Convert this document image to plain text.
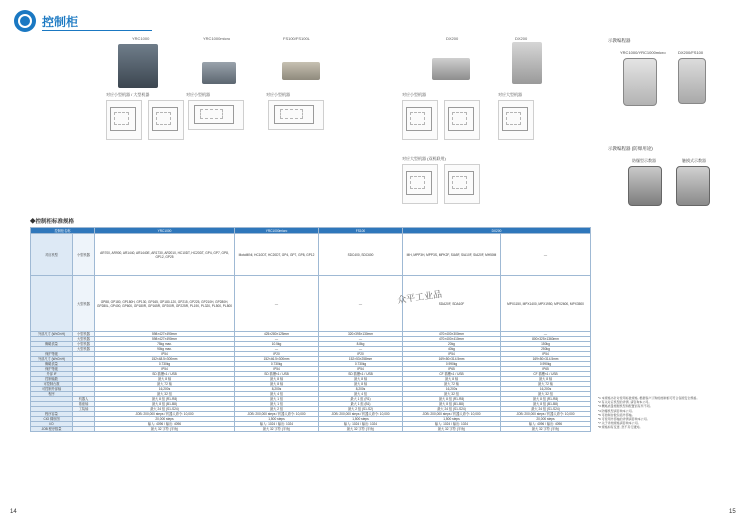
控制柜
YRC1000	YRC1000micro	FS100/FS100L	DX200	DX200
对应小型机器 / 大型机器	对应小型机器	对应小型机器	对应小型机器	对应大型机器
对应大型机器 (双机联用)
示教编程器
YRC1000/YRC1000micro	DX200/FS100
示教编程器 (防爆用途)
防爆型示教器	触摸式示教器
◆控制柜标准规格
控制柜名称		YRC1000	YRC1000micro	FS100	DX200	
对应机型	小型机器	AR700, AR900, AR1440, AR1440E, AR1730, AR2010, HC10DT, HC20DT, GP4, GP7, GP8, GP12, GP25	MotoMINI, HC10DT, HC20DT, GP4, GP7, GP8, GP12	SDC400, SDC600	MH, MPP3H, MPP3S, MPK2F, SIA5F, SIA10F, SIA20F, MH50M	—
	大型机器	GP88, GP180, GP180H, GP130, GP165, GP180-120, GP215, GP225, GP210H, GP280H, GP280L, GP400, GP600, GP180R, GP165R, GP200R, GP225R, PL190, PL320, PL500, PL800	—	—	SDA20F, SDA10F	MPX1150, MPX1400, MPX1950, MPX2600, MPX3500
外部尺寸 (W×D×H)	小型机器	598×427×490mm	425×280×125mm	320×395×130mm	470×400×300mm	—
	大型机器	598×427×490mm	—	—	470×400×410mm	800×325×1360mm
概略质量	小型机器	75kg max.	10.5kg	8.8kg	20kg	150kg
	大型机器	90kg max.	—	—	40kg	250kg
保护等级		IP54	IP20	IP20	IP54	IP54
外部尺寸 (W×D×H)		152×48.5×300mm	152×46.5×300mm	152×53×258mm	169×50×314.5mm	169×50×314.5mm
概略质量		0.730kg	0.730kg	0.730kg	0.990kg	0.990kg
保护等级		IP54	IP54	IP54	IP65	IP65
外部 IF		SD 插槽×1 / USB	SD 插槽×1 / USB	SD 插槽×1 / USB	CF 插槽×1 / USB	CF 插槽×1 / USB
控制轴数		最大 8 轴	最大 8 轴	最大 8 轴	最大 8 轴	最大 8 轴
可控制台数		最大 72 轴	最大 8 轴	最大 8 轴	最大 72 轴	最大 72 轴
可控制外部轴		16,200s	8,200s	8,200s	16,200s	16,200s
程序		最大 32 组	最大 4 组	最大 4 组	最大 32 组	最大 32 组
	机器人	最大 8 组 (R1-R8)	最大 1 组	最大 1 组 (R1)	最大 8 组 (R1-R8)	最大 8 组 (R1-R8)
	基座轴	最大 8 组 (B1-B8)	最大 1 组	最大 1 组 (B1)	最大 8 组 (B1-B8)	最大 8 组 (B1-B8)
	工装轴	最大 24 组 (S1-S24)	最大 2 组	最大 2 组 (S1-S2)	最大 24 组 (S1-S24)	最大 24 组 (S1-S24)
程序容量		JOB: 200,000 steps / 机器人命令: 10,000	JOB: 200,000 steps / 机器人命令: 10,000	JOB: 200,000 steps / 机器人命令: 10,000	JOB: 200,000 steps / 机器人命令: 10,000	JOB: 200,000 steps / 机器人命令: 10,000
CIO 梯形图		20,000 steps	1,500 steps	1,500 steps	1,500 steps	20,000 steps
I/O		输入: 4096 / 输出: 4096	输入: 1024 / 输出: 1024	输入: 1024 / 输出: 1024	输入: 1024 / 输出: 1024	输入: 4096 / 输出: 4096
JOB 程序数量		最大 32 字符 (半角)	最大 32 字符 (半角)	最大 32 字符 (半角)	最大 32 字符 (半角)	最大 32 字符 (半角)
众平工业品
*1 本规格书针对使用标准规格, 根据客户订购的控制柜可符合各国安全规格。
*2 有关对应机型的详情, 请咨询本公司。
*3 概略质量根据机型和配置而有所不同。
*4 防爆机型请咨询本公司。
*5 可控制台数包括外部轴。
*6 可使用外部轴的详情请咨询本公司。
*7 关于详细规格请咨询本公司。
*8 规格如有变更, 恕不另行通知。
14	15
